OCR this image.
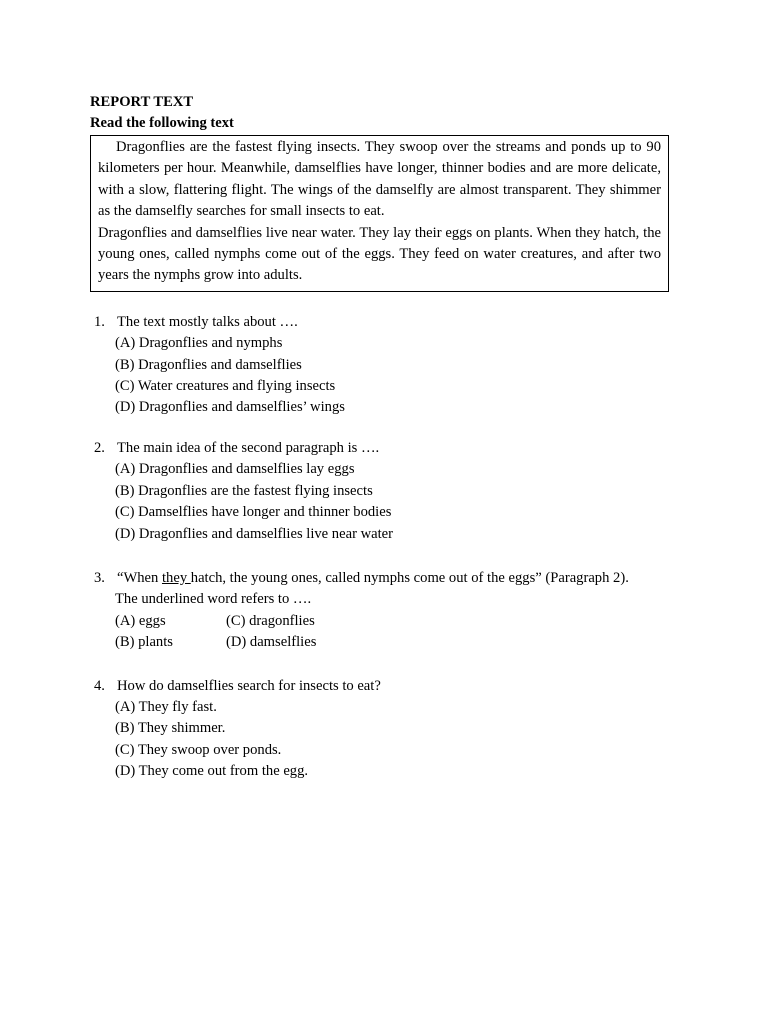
REPORT TEXT
Read the following text

Dragonflies are the fastest flying insects. They swoop over the streams and ponds up to 90 kilometers per hour. Meanwhile, damselflies have longer, thinner bodies and are more delicate, with a slow, flattering flight. The wings of the damselfly are almost transparent. They shimmer as the damselfly searches for small insects to eat.

Dragonflies and damselflies live near water. They lay their eggs on plants. When they hatch, the young ones, called nymphs come out of the eggs. They feed on water creatures, and after two years the nymphs grow into adults.

1. The text mostly talks about ….
(A) Dragonflies and nymphs
(B) Dragonflies and damselflies
(C) Water creatures and flying insects
(D) Dragonflies and damselflies’ wings
2. The main idea of the second paragraph is ….
(A) Dragonflies and damselflies lay eggs
(B) Dragonflies are the fastest flying insects
(C) Damselflies have longer and thinner bodies
(D) Dragonflies and damselflies live near water
3. “When they hatch, the young ones, called nymphs come out of the eggs” (Paragraph 2).
The underlined word refers to ….
(A) eggs	(C) dragonflies
(B) plants	(D) damselflies
4. How do damselflies search for insects to eat?
(A) They fly fast.
(B) They shimmer.
(C) They swoop over ponds.
(D) They come out from the egg.
